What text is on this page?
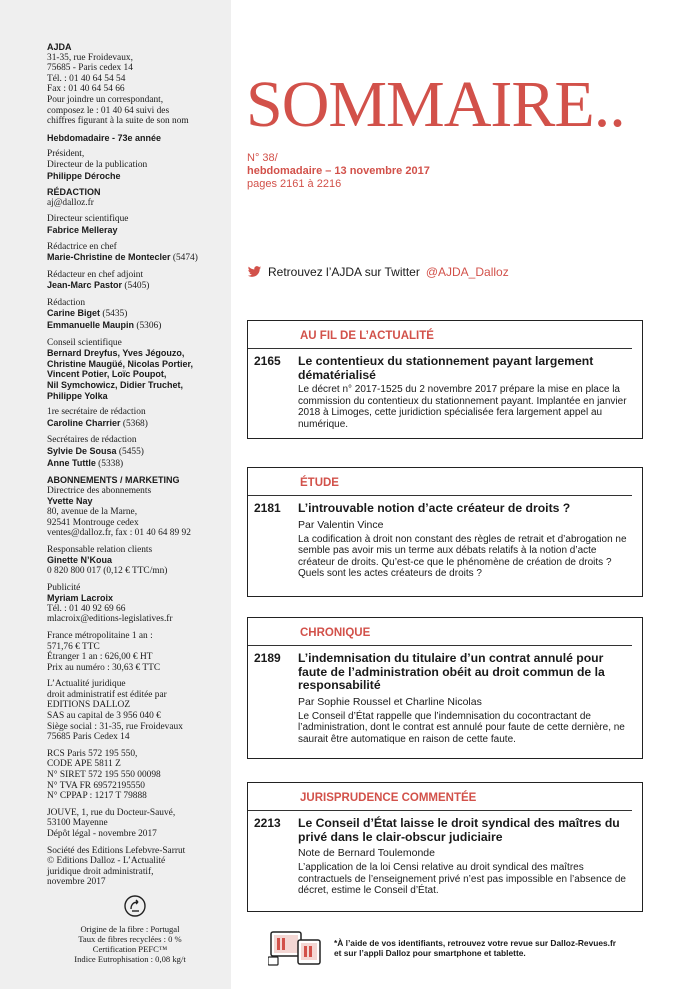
AJDA
31-35, rue Froidevaux,
75685 - Paris cedex 14
Tél. : 01 40 64 54 54
Fax : 01 40 64 54 66
Pour joindre un correspondant,
composez le : 01 40 64 suivi des
chiffres figurant à la suite de son nom
Hebdomadaire - 73e année
Président,
Directeur de la publication
Philippe Déroche
RÉDACTION
aj@dalloz.fr
Directeur scientifique
Fabrice Melleray
Rédactrice en chef
Marie-Christine de Montecler (5474)
Rédacteur en chef adjoint
Jean-Marc Pastor (5405)
Rédaction
Carine Biget (5435)
Emmanuelle Maupin (5306)
Conseil scientifique
Bernard Dreyfus, Yves Jégouzo,
Christine Maugüé, Nicolas Portier,
Vincent Potier, Loïc Poupot,
Nil Symchowicz, Didier Truchet,
Philippe Yolka
1re secrétaire de rédaction
Caroline Charrier (5368)
Secrétaires de rédaction
Sylvie De Sousa (5455)
Anne Tuttle (5338)
ABONNEMENTS / MARKETING
Directrice des abonnements
Yvette Nay
80, avenue de la Marne,
92541 Montrouge cedex
ventes@dalloz.fr, fax : 01 40 64 89 92
Responsable relation clients
Ginette N’Koua
0 820 800 017 (0,12 € TTC/mn)
Publicité
Myriam Lacroix
Tél. : 01 40 92 69 66
mlacroix@editions-legislatives.fr
France métropolitaine 1 an :
571,76 € TTC
Étranger 1 an : 626,00 € HT
Prix au numéro : 30,63 € TTC
L’Actualité juridique
droit administratif est éditée par
EDITIONS DALLOZ
SAS au capital de 3 956 040 €
Siège social : 31-35, rue Froidevaux
75685 Paris Cedex 14
RCS Paris 572 195 550,
CODE APE 5811 Z
N° SIRET 572 195 550 00098
N° TVA FR 69572195550
N° CPPAP : 1217 T 79888
JOUVE, 1, rue du Docteur-Sauvé,
53100 Mayenne
Dépôt légal - novembre 2017
Société des Editions Lefebvre-Sarrut
© Editions Dalloz - L’Actualité
juridique droit administratif,
novembre 2017
Origine de la fibre : Portugal
Taux de fibres recyclées : 0 %
Certification PEFC™
Indice Eutrophisation : 0,08 kg/t
SOMMAIRE..
N° 38/
hebdomadaire – 13 novembre 2017
pages 2161 à 2216
Retrouvez l’AJDA sur Twitter @AJDA_Dalloz
AU FIL DE L’ACTUALITÉ
2165	Le contentieux du stationnement payant largement dématérialisé
Le décret n° 2017-1525 du 2 novembre 2017 prépare la mise en place la commission du contentieux du stationnement payant. Implantée en janvier 2018 à Limoges, cette juridiction spécialisée fera largement appel au numérique.
ÉTUDE
2181	L’introuvable notion d’acte créateur de droits ?
Par Valentin Vince
La codification à droit non constant des règles de retrait et d’abrogation ne semble pas avoir mis un terme aux débats relatifs à la notion d’acte créateur de droits. Qu’est-ce que le phénomène de création de droits ? Quels sont les actes créateurs de droits ?
CHRONIQUE
2189	L’indemnisation du titulaire d’un contrat annulé pour faute de l’administration obéit au droit commun de la responsabilité
Par Sophie Roussel et Charline Nicolas
Le Conseil d’État rappelle que l’indemnisation du cocontractant de l’administration, dont le contrat est annulé pour faute de cette dernière, ne saurait être automatique en raison de cette faute.
JURISPRUDENCE COMMENTÉE
2213	Le Conseil d’État laisse le droit syndical des maîtres du privé dans le clair-obscur judiciaire
Note de Bernard Toulemonde
L’application de la loi Censi relative au droit syndical des maîtres contractuels de l’enseignement privé n’est pas impossible en l’absence de décret, estime le Conseil d’État.
*À l’aide de vos identifiants, retrouvez votre revue sur Dalloz-Revues.fr
et sur l’appli Dalloz pour smartphone et tablette.
